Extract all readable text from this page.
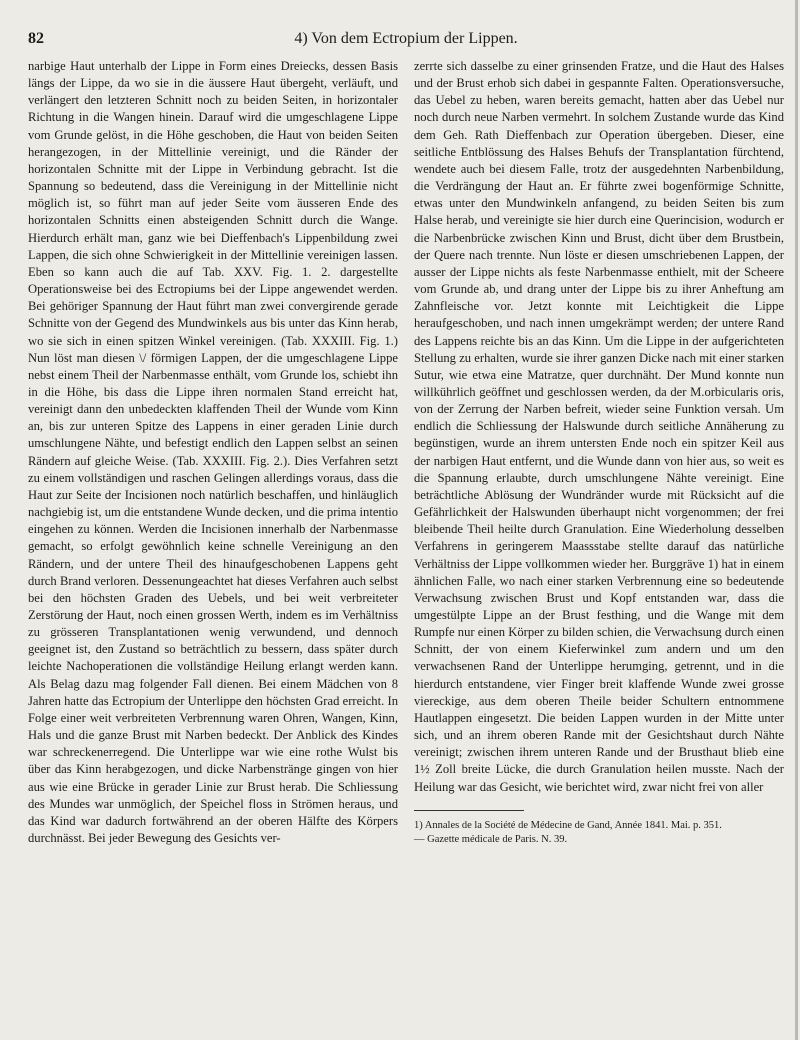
82	4) Von dem Ectropium der Lippen.

narbige Haut unterhalb der Lippe in Form eines Dreiecks, dessen Basis längs der Lippe, da wo sie in die äussere Haut übergeht, verläuft, und verlängert den letzteren Schnitt noch zu beiden Seiten, in horizontaler Richtung in die Wangen hinein. Darauf wird die umgeschlagene Lippe vom Grunde gelöst, in die Höhe geschoben, die Haut von beiden Seiten herangezogen, in der Mittellinie vereinigt, und die Ränder der horizontalen Schnitte mit der Lippe in Verbindung gebracht. Ist die Spannung so bedeutend, dass die Vereinigung in der Mittellinie nicht möglich ist, so führt man auf jeder Seite vom äusseren Ende des horizontalen Schnitts einen absteigenden Schnitt durch die Wange. Hierdurch erhält man, ganz wie bei Dieffenbach's Lippenbildung zwei Lappen, die sich ohne Schwierigkeit in der Mittellinie vereinigen lassen. Eben so kann auch die auf Tab. XXV. Fig. 1. 2. dargestellte Operationsweise bei des Ectropiums bei der Lippe angewendet werden. Bei gehöriger Spannung der Haut führt man zwei convergirende gerade Schnitte von der Gegend des Mundwinkels aus bis unter das Kinn herab, wo sie sich in einen spitzen Winkel vereinigen. (Tab. XXXIII. Fig. 1.) Nun löst man diesen \/ förmigen Lappen, der die umgeschlagene Lippe nebst einem Theil der Narbenmasse enthält, vom Grunde los, schiebt ihn in die Höhe, bis dass die Lippe ihren normalen Stand erreicht hat, vereinigt dann den unbedeckten klaffenden Theil der Wunde vom Kinn an, bis zur unteren Spitze des Lappens in einer geraden Linie durch umschlungene Nähte, und befestigt endlich den Lappen selbst an seinen Rändern auf gleiche Weise. (Tab. XXXIII. Fig. 2.). Dies Verfahren setzt zu einem vollständigen und raschen Gelingen allerdings voraus, dass die Haut zur Seite der Incisionen noch natürlich beschaffen, und hinläuglich nachgiebig ist, um die entstandene Wunde decken, und die prima intentio eingehen zu können. Werden die Incisionen innerhalb der Narbenmasse gemacht, so erfolgt gewöhnlich keine schnelle Vereinigung an den Rändern, und der untere Theil des hinaufgeschobenen Lappens geht durch Brand verloren. Dessenungeachtet hat dieses Verfahren auch selbst bei den höchsten Graden des Uebels, und bei weit verbreiteter Zerstörung der Haut, noch einen grossen Werth, indem es im Verhältniss zu grösseren Transplantationen wenig verwundend, und dennoch geeignet ist, den Zustand so beträchtlich zu bessern, dass später durch leichte Nachoperationen die vollständige Heilung erlangt werden kann. Als Belag dazu mag folgender Fall dienen. Bei einem Mädchen von 8 Jahren hatte das Ectropium der Unterlippe den höchsten Grad erreicht. In Folge einer weit verbreiteten Verbrennung waren Ohren, Wangen, Kinn, Hals und die ganze Brust mit Narben bedeckt. Der Anblick des Kindes war schreckenerregend. Die Unterlippe war wie eine rothe Wulst bis über das Kinn herabgezogen, und dicke Narbenstränge gingen von hier aus wie eine Brücke in gerader Linie zur Brust herab. Die Schliessung des Mundes war unmöglich, der Speichel floss in Strömen heraus, und das Kind war dadurch fortwährend an der oberen Hälfte des Körpers durchnässt. Bei jeder Bewegung des Gesichts ver-

zerrte sich dasselbe zu einer grinsenden Fratze, und die Haut des Halses und der Brust erhob sich dabei in gespannte Falten. Operationsversuche, das Uebel zu heben, waren bereits gemacht, hatten aber das Uebel nur noch durch neue Narben vermehrt. In solchem Zustande wurde das Kind dem Geh. Rath Dieffenbach zur Operation übergeben. Dieser, eine seitliche Entblössung des Halses Behufs der Transplantation fürchtend, wendete auch bei diesem Falle, trotz der ausgedehnten Narbenbildung, die Verdrängung der Haut an. Er führte zwei bogenförmige Schnitte, etwas unter den Mundwinkeln anfangend, zu beiden Seiten bis zum Halse herab, und vereinigte sie hier durch eine Querincision, wodurch er die Narbenbrücke zwischen Kinn und Brust, dicht über dem Brustbein, der Quere nach trennte. Nun löste er diesen umschriebenen Lappen, der ausser der Lippe nichts als feste Narbenmasse enthielt, mit der Scheere vom Grunde ab, und drang unter der Lippe bis zu ihrer Anheftung am Zahnfleische vor. Jetzt konnte mit Leichtigkeit die Lippe heraufgeschoben, und nach innen umgekrämpt werden; der untere Rand des Lappens reichte bis an das Kinn. Um die Lippe in der aufgerichteten Stellung zu erhalten, wurde sie ihrer ganzen Dicke nach mit einer starken Sutur, wie etwa eine Matratze, quer durchnäht. Der Mund konnte nun willkührlich geöffnet und geschlossen werden, da der M.orbicularis oris, von der Zerrung der Narben befreit, wieder seine Funktion versah. Um endlich die Schliessung der Halswunde durch seitliche Annäherung zu begünstigen, wurde an ihrem untersten Ende noch ein spitzer Keil aus der narbigen Haut entfernt, und die Wunde dann von hier aus, so weit es die Spannung erlaubte, durch umschlungene Nähte vereinigt. Eine beträchtliche Ablösung der Wundränder wurde mit Rücksicht auf die Gefährlichkeit der Halswunden überhaupt nicht vorgenommen; der frei bleibende Theil heilte durch Granulation. Eine Wiederholung desselben Verfahrens in geringerem Maassstabe stellte darauf das natürliche Verhältniss der Lippe vollkommen wieder her. Burggräve 1) hat in einem ähnlichen Falle, wo nach einer starken Verbrennung eine so bedeutende Verwachsung zwischen Brust und Kopf entstanden war, dass die umgestülpte Lippe an der Brust festhing, und die Wange mit dem Rumpfe nur einen Körper zu bilden schien, die Verwachsung durch einen Schnitt, der von einem Kieferwinkel zum andern und um den verwachsenen Rand der Unterlippe herumging, getrennt, und in die hierdurch entstandene, vier Finger breit klaffende Wunde zwei grosse viereckige, aus dem oberen Theile beider Schultern entnommene Hautlappen eingesetzt. Die beiden Lappen wurden in der Mitte unter sich, und an ihrem oberen Rande mit der Gesichtshaut durch Nähte vereinigt; zwischen ihrem unteren Rande und der Brusthaut blieb eine 1½ Zoll breite Lücke, die durch Granulation heilen musste. Nach der Heilung war das Gesicht, wie berichtet wird, zwar nicht frei von aller

1) Annales de la Société de Médecine de Gand, Année 1841. Mai. p. 351.
— Gazette médicale de Paris. N. 39.
